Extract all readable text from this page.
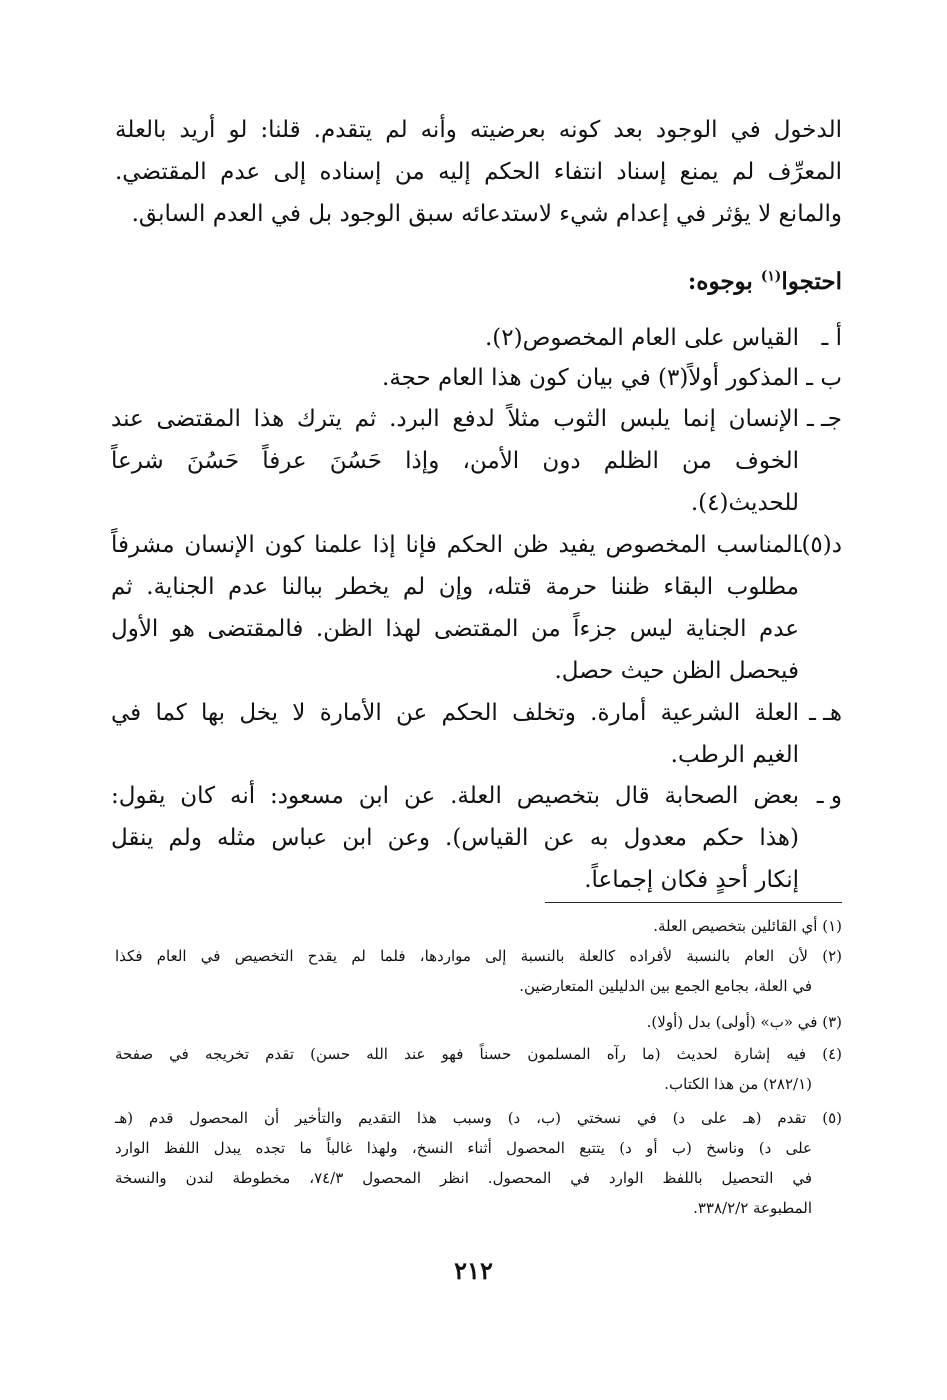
الدخول في الوجود بعد كونه بعرضيته وأنه لم يتقدم. قلنا: لو أريد بالعلة

المعرِّف لم يمنع إسناد انتفاء الحكم إليه من إسناده إلى عدم المقتضي.

والمانع لا يؤثر في إعدام شيء لاستدعائه سبق الوجود بل في العدم السابق.

احتجوا$^{(١)}$ بوجوه:

أ ـ

القياس على العام المخصوص(٢).

ب ـ

المذكور أولاً(٣) في بيان كون هذا العام حجة.

جـ ـ

الإنسان إنما يلبس الثوب مثلاً لدفع البرد. ثم يترك هذا المقتضى عند

الخوف من الظلم دون الأمن، وإذا حَسُنَ عرفاً حَسُنَ شرعاً

للحديث(٤).

د(٥)ـ

المناسب المخصوص يفيد ظن الحكم فإنا إذا علمنا كون الإنسان مشرفاً

مطلوب البقاء ظننا حرمة قتله، وإن لم يخطر ببالنا عدم الجناية. ثم

عدم الجناية ليس جزءاً من المقتضى لهذا الظن. فالمقتضى هو الأول

فيحصل الظن حيث حصل.

هـ ـ

العلة الشرعية أمارة. وتخلف الحكم عن الأمارة لا يخل بها كما في

الغيم الرطب.

و ـ

بعض الصحابة قال بتخصيص العلة. عن ابن مسعود: أنه كان يقول:

(هذا حكم معدول به عن القياس). وعن ابن عباس مثله ولم ينقل

إنكار أحدٍ فكان إجماعاً.

(١) أي القائلين بتخصيص العلة.

(٢) لأن العام بالنسبة لأفراده كالعلة بالنسبة إلى مواردها، فلما لم يقدح التخصيص في العام فكذا

في العلة، بجامع الجمع بين الدليلين المتعارضين.

(٣) في «ب» (أولى) بدل (أولا).

(٤) فيه إشارة لحديث (ما رآه المسلمون حسناً فهو عند الله حسن) تقدم تخريجه في صفحة

(٢٨٢/١) من هذا الكتاب.

(٥) تقدم (هـ على د) في نسختي (ب، د) وسبب هذا التقديم والتأخير أن المحصول قدم (هـ

على د) وناسخ (ب أو د) يتتبع المحصول أثناء النسخ، ولهذا غالباً ما تجده يبدل اللفظ الوارد

في التحصيل باللفظ الوارد في المحصول. انظر المحصول ٧٤/٣، مخطوطة لندن والنسخة

المطبوعة ٣٣٨/٢/٢.

٢١٢
